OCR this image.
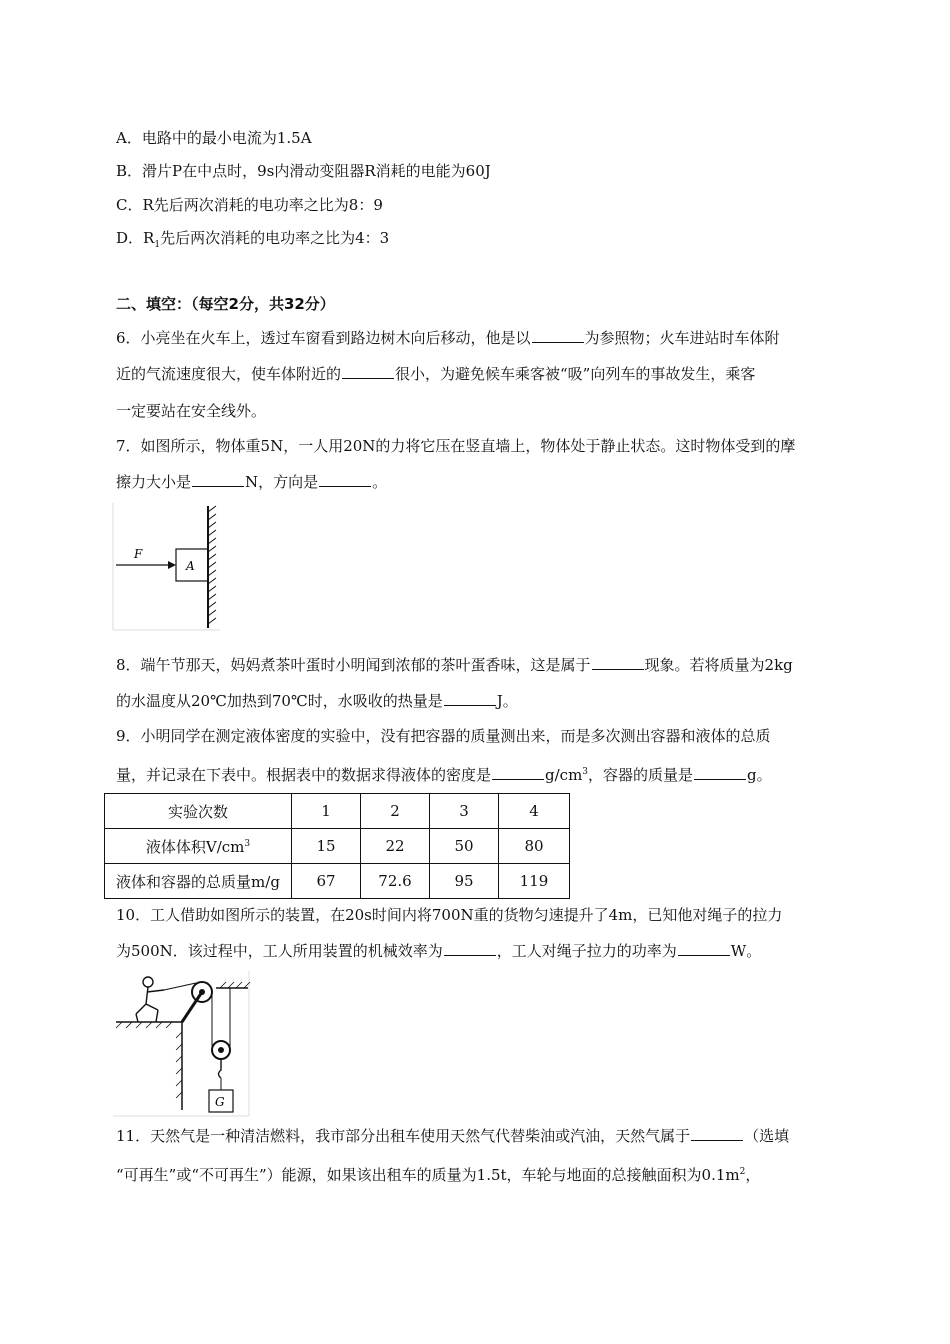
A．电路中的最小电流为1.5A
B．滑片P在中点时，9s内滑动变阻器R消耗的电能为60J
C．R先后两次消耗的电功率之比为8：9
D．$R_1$先后两次消耗的电功率之比为4：3
二、填空：（每空2分，共32分）
6．小亮坐在火车上，透过车窗看到路边树木向后移动，他是以	为参照物；火车进站时车体附
近的气流速度很大，使车体附近的	很小，为避免候车乘客被“吸”向列车的事故发生，乘客
一定要站在安全线外。
7．如图所示，物体重5N，一人用20N的力将它压在竖直墙上，物体处于静止状态。这时物体受到的摩
擦力大小是	N，方向是	。
F
A
8．端午节那天，妈妈煮茶叶蛋时小明闻到浓郁的茶叶蛋香味，这是属于	现象。若将质量为2kg
的水温度从20℃加热到70℃时，水吸收的热量是	J。
9．小明同学在测定液体密度的实验中，没有把容器的质量测出来，而是多次测出容器和液体的总质
量，并记录在下表中。根据表中的数据求得液体的密度是	$g/cm^3$，容器的质量是	g。
实验次数	1	2	3	4
液体体积$V/cm^3$	15	22	50	80
液体和容器的总质量m/g	67	72.6	95	119
10．工人借助如图所示的装置，在20s时间内将700N重的货物匀速提升了4m，已知他对绳子的拉力
为500N．该过程中，工人所用装置的机械效率为	，工人对绳子拉力的功率为	W。
G
11．天然气是一种清洁燃料，我市部分出租车使用天然气代替柴油或汽油，天然气属于	（选填
“可再生”或“不可再生”）能源，如果该出租车的质量为1.5t，车轮与地面的总接触面积为$0.1m^2$，
